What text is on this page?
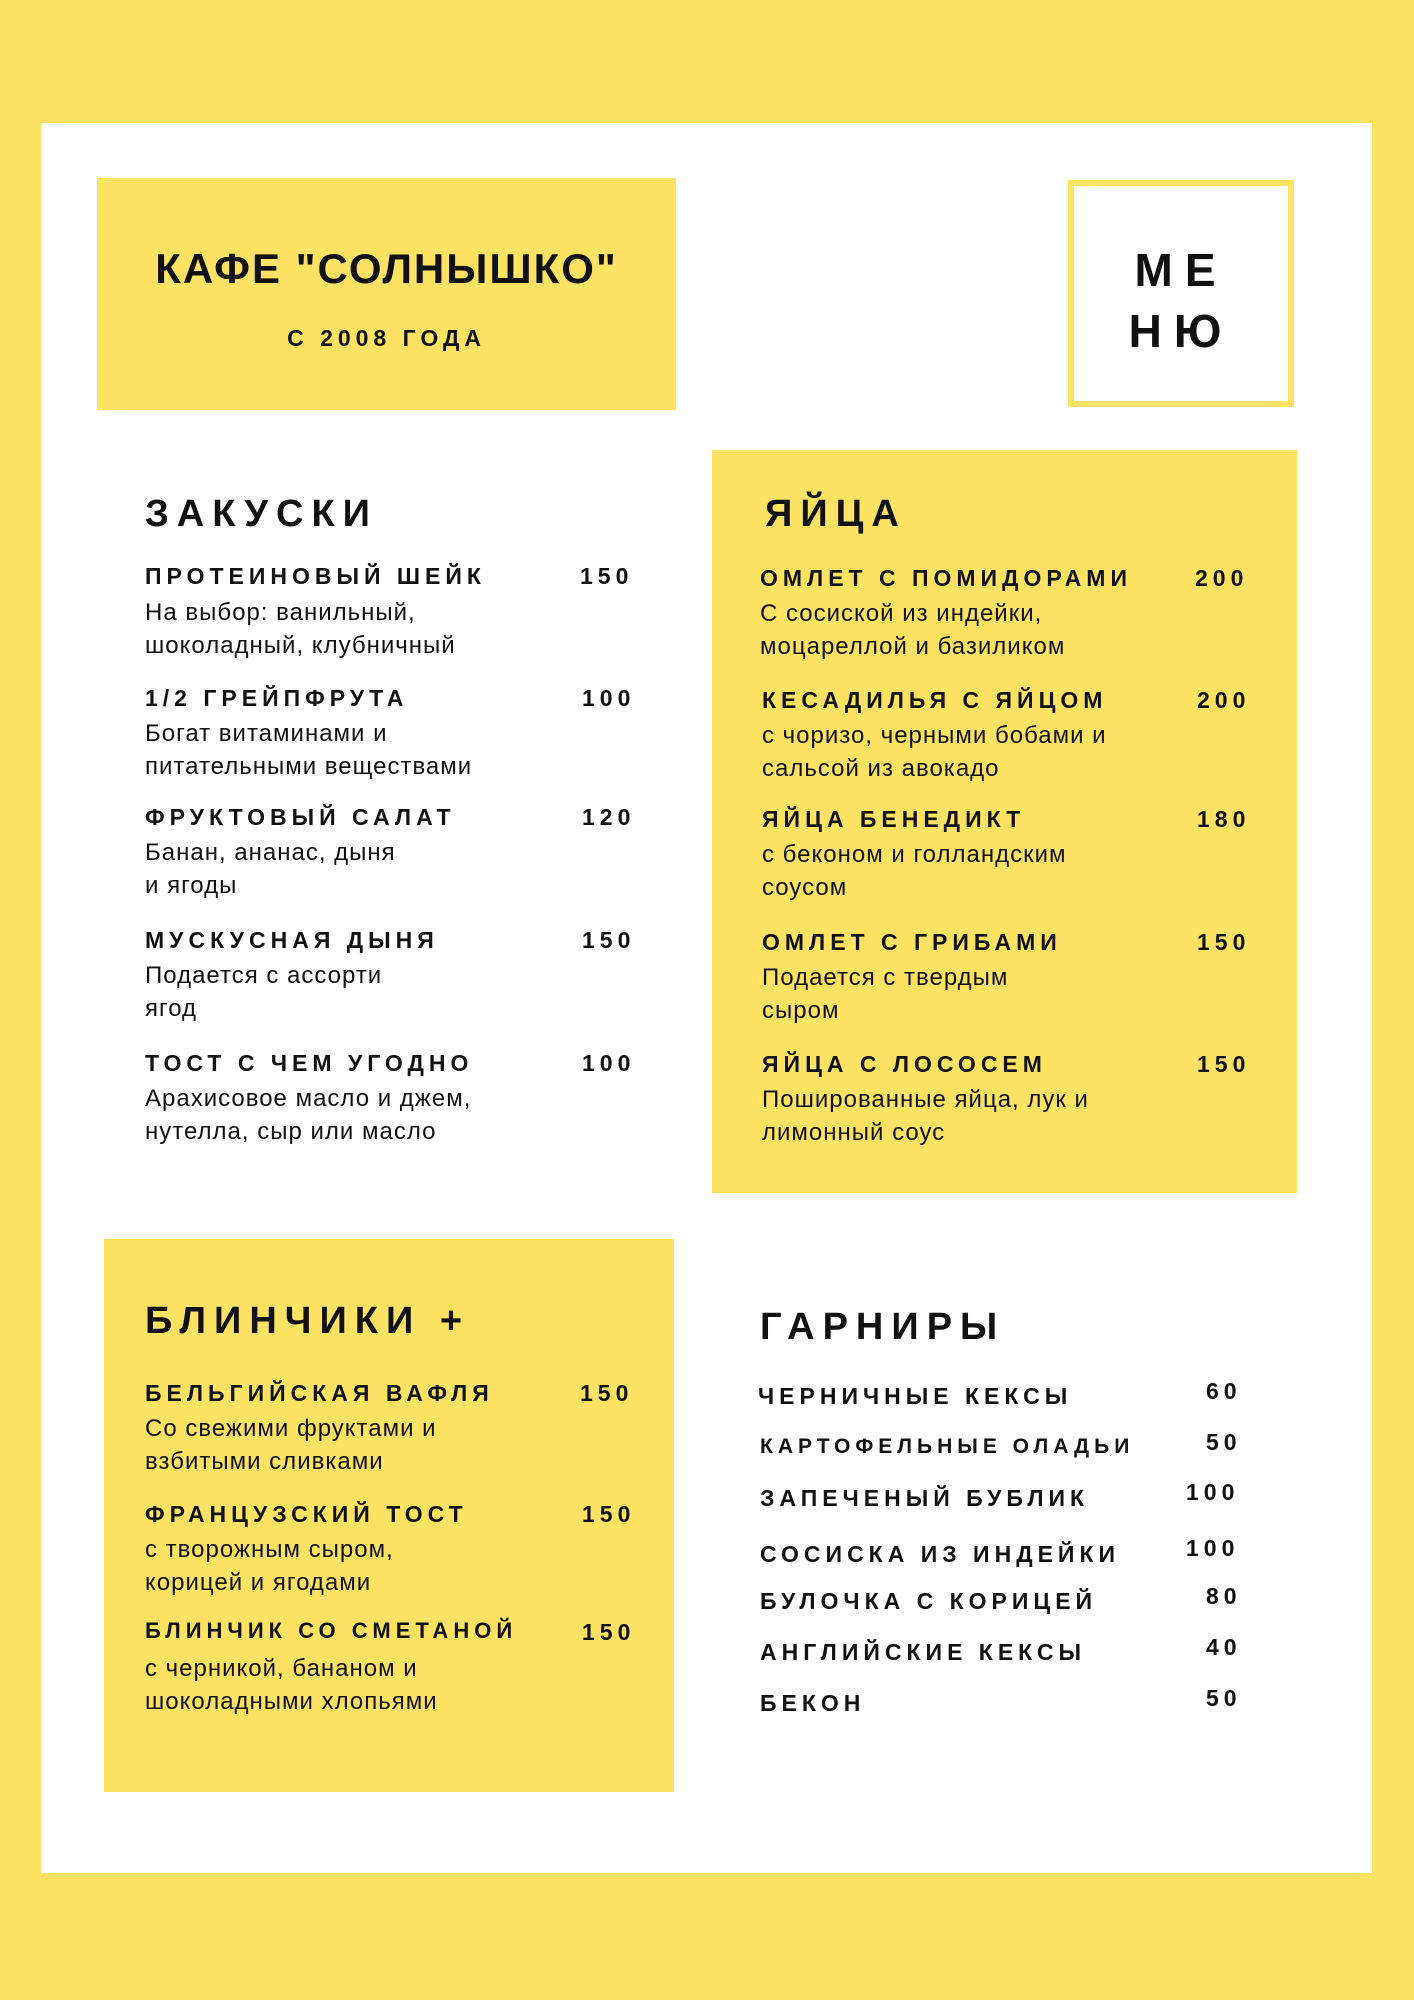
КАФЕ "СОЛНЫШКО"
С 2008 ГОДА
МЕ
НЮ
ЗАКУСКИ
ПРОТЕИНОВЫЙ ШЕЙК	150
На выбор: ванильный,
шоколадный, клубничный
1/2 ГРЕЙПФРУТА	100
Богат витаминами и
питательными веществами
ФРУКТОВЫЙ САЛАТ	120
Банан, ананас, дыня
и ягоды
МУСКУСНАЯ ДЫНЯ	150
Подается с ассорти
ягод
ТОСТ С ЧЕМ УГОДНО	100
Арахисовое масло и джем,
нутелла, сыр или масло
ЯЙЦА
ОМЛЕТ С ПОМИДОРАМИ	200
С сосиской из индейки,
моцареллой и базиликом
КЕСАДИЛЬЯ С ЯЙЦОМ	200
с чоризо, черными бобами и
сальсой из авокадо
ЯЙЦА БЕНЕДИКТ	180
с беконом и голландским
соусом
ОМЛЕТ С ГРИБАМИ	150
Подается с твердым
сыром
ЯЙЦА С ЛОСОСЕМ	150
Пошированные яйца, лук и
лимонный соус
БЛИНЧИКИ +
БЕЛЬГИЙСКАЯ ВАФЛЯ	150
Со свежими фруктами и
взбитыми сливками
ФРАНЦУЗСКИЙ ТОСТ	150
с творожным сыром,
корицей и ягодами
БЛИНЧИК СО СМЕТАНОЙ	150
с черникой, бананом и
шоколадными хлопьями
ГАРНИРЫ
ЧЕРНИЧНЫЕ КЕКСЫ	60
КАРТОФЕЛЬНЫЕ ОЛАДЬИ	50
ЗАПЕЧЕНЫЙ БУБЛИК	100
СОСИСКА ИЗ ИНДЕЙКИ	100
БУЛОЧКА С КОРИЦЕЙ	80
АНГЛИЙСКИЕ КЕКСЫ	40
БЕКОН	50
